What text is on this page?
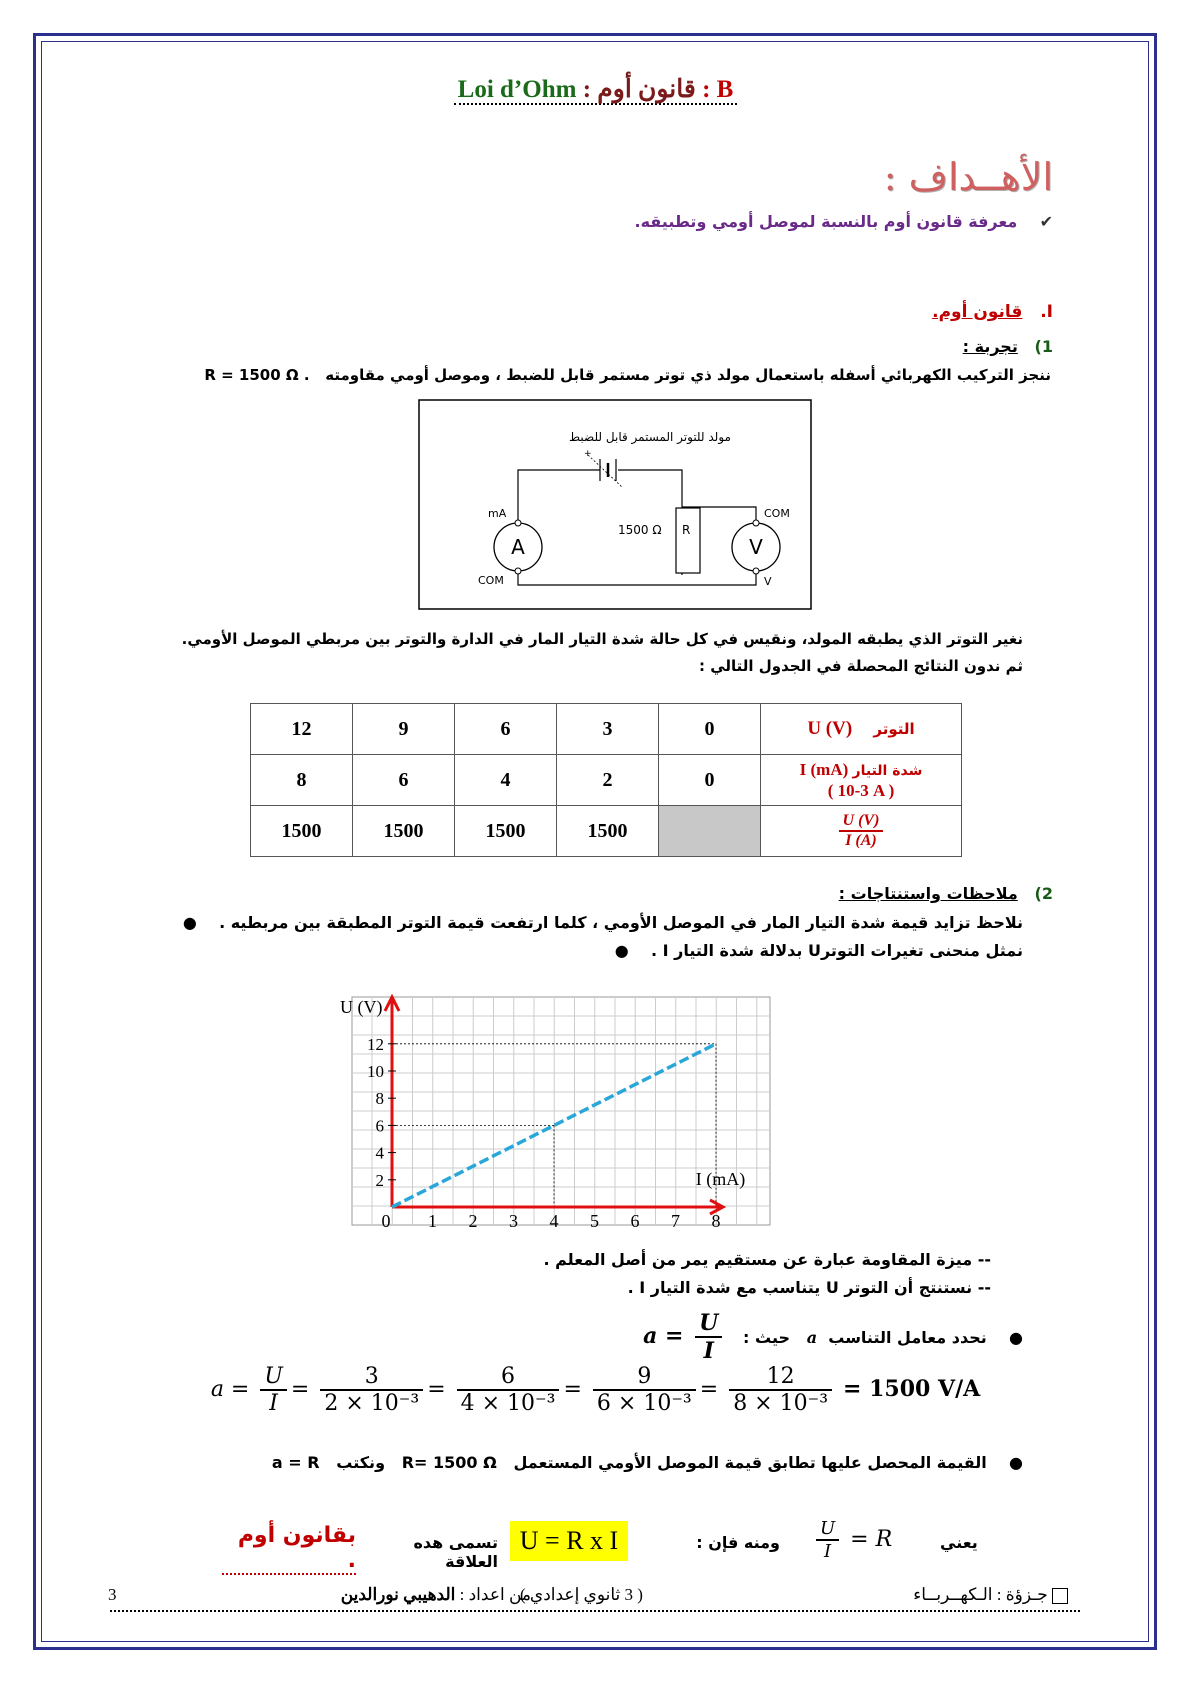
Loi d’Ohm : قانون أوم : B
الأهــداف :
✔    معرفة قانون أوم بالنسبة لموصل أومي وتطبيقه.
I.   قانون أوم.
1)   تجربة :
ننجز التركيب الكهربائي أسفله باستعمال مولد ذي توتر مستمر قابل للضبط ، وموصل أومي مقاومته   R = 1500 Ω .
مولد للتوتر المستمر قابل للضبط
+
R
1500 Ω
A
mA
COM
V
COM
V
نغير التوتر الذي يطبقه المولد، ونقيس في كل حالة شدة التيار المار في الدارة والتوتر بين مربطي الموصل الأومي.
ثم ندون النتائج المحصلة في الجدول التالي :
12	9	6	3	0	U (V) التوتر
8	6	4	2	0	I (mA) شدة التيار
( 10-3 A )
1500	1500	1500	1500		$\frac{U (V)}{I (A)}$
2)   ملاحظات واستنتاجات :
نلاحظ تزايد قيمة شدة التيار المار في الموصل الأومي ، كلما ارتفعت قيمة التوتر المطبقة بين مربطيه .    ●
نمثل منحنى تغيرات التوترU بدلالة شدة التيار I .    ●
0 1 2 3 4 5 6 7 8
2
4
6
8
10
12
U (V)
I (mA)
-- ميزة المقاومة عبارة عن مستقيم يمر من أصل المعلم .
-- نستنتج أن التوتر U يتناسب مع شدة التيار I .
●    نحدد معامل التناسب  a   حيث :   $a = \frac{U}{I}$
$a = \frac{U}{I} = \frac{3}{\text{2 × 10⁻³}} = \frac{6}{\text{4 × 10⁻³}} = \frac{9}{\text{6 × 10⁻³}} = \frac{12}{\text{8 × 10⁻³}} = 1500$ V/A
●    القيمة المحصل عليها تطابق قيمة الموصل الأومي المستعمل   R= 1500 Ω   ونكتب   a = R
يعني
$\frac{U}{I} = R$
ومنه فإن :
U = R x I
تسمى هده العلاقة
بقانون أوم .
جـزؤة : الـكهــربــاء
( 3 ثانوي إعدادي )
من اعداد : الدهيبي نورالدين
3
